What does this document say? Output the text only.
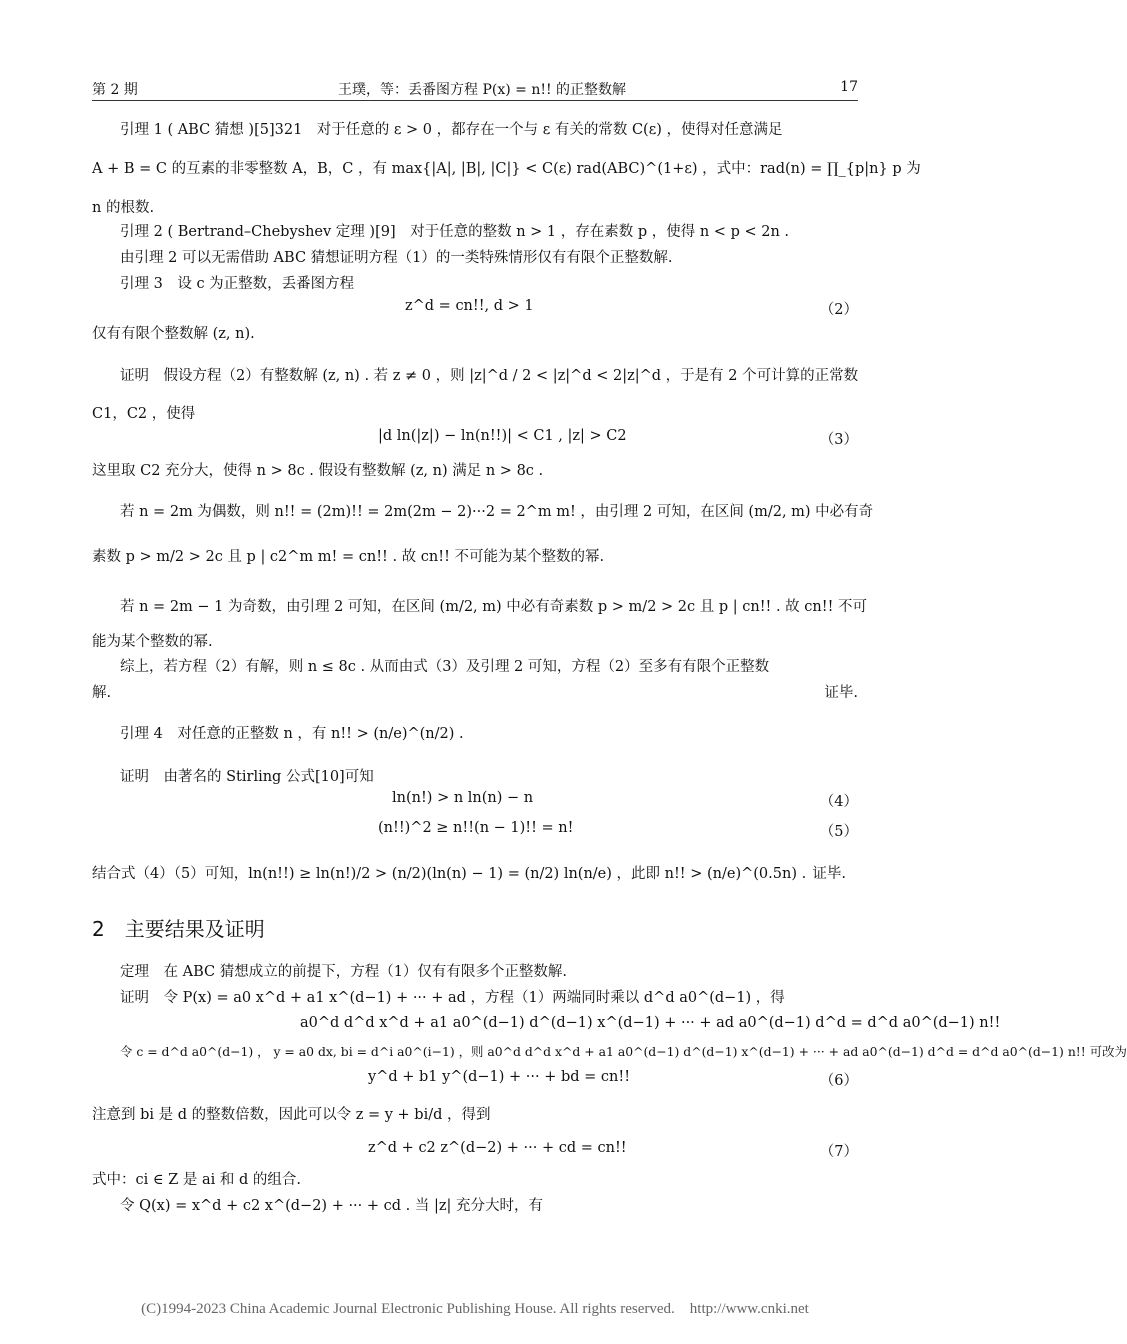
第 2 期	王璞，等：丢番图方程 P(x) = n!! 的正整数解	17
引理 1 ( ABC 猜想 )[5]321　对于任意的 ε > 0 ，都存在一个与 ε 有关的常数 C(ε) ，使得对任意满足
A + B = C 的互素的非零整数 A，B，C ，有 max{|A|, |B|, |C|} < C(ε) rad(ABC)^(1+ε) ，式中：rad(n) = ∏_{p|n} p 为
n 的根数.
引理 2 ( Bertrand–Chebyshev 定理 )[9]　对于任意的整数 n > 1 ，存在素数 p ，使得 n < p < 2n .
由引理 2 可以无需借助 ABC 猜想证明方程（1）的一类特殊情形仅有有限个正整数解.
引理 3　设 c 为正整数，丢番图方程
z^d = cn!!, d > 1	（2）
仅有有限个整数解 (z, n).
证明　假设方程（2）有整数解 (z, n) . 若 z ≠ 0 ，则 |z|^d / 2 < |z|^d < 2|z|^d ，于是有 2 个可计算的正常数
C1，C2 ，使得
|d ln(|z|) − ln(n!!)| < C1 , |z| > C2	（3）
这里取 C2 充分大，使得 n > 8c . 假设有整数解 (z, n) 满足 n > 8c .
若 n = 2m 为偶数，则 n!! = (2m)!! = 2m(2m − 2)···2 = 2^m m! ，由引理 2 可知，在区间 (m/2, m) 中必有奇
素数 p > m/2 > 2c 且 p | c2^m m! = cn!! . 故 cn!! 不可能为某个整数的幂.
若 n = 2m − 1 为奇数，由引理 2 可知，在区间 (m/2, m) 中必有奇素数 p > m/2 > 2c 且 p | cn!! . 故 cn!! 不可
能为某个整数的幂.
综上，若方程（2）有解，则 n ≤ 8c . 从而由式（3）及引理 2 可知，方程（2）至多有有限个正整数
解.	证毕.
引理 4　对任意的正整数 n ，有 n!! > (n/e)^(n/2) .
证明　由著名的 Stirling 公式[10]可知
ln(n!) > n ln(n) − n	（4）
(n!!)^2 ≥ n!!(n − 1)!! = n!	（5）
结合式（4）（5）可知，ln(n!!) ≥ ln(n!)/2 > (n/2)(ln(n) − 1) = (n/2) ln(n/e) ，此即 n!! > (n/e)^(0.5n) . 证毕.
2　主要结果及证明
定理　在 ABC 猜想成立的前提下，方程（1）仅有有限多个正整数解.
证明　令 P(x) = a0 x^d + a1 x^(d−1) + ··· + ad ，方程（1）两端同时乘以 d^d a0^(d−1) ，得
a0^d d^d x^d + a1 a0^(d−1) d^(d−1) x^(d−1) + ··· + ad a0^(d−1) d^d = d^d a0^(d−1) n!!
令 c = d^d a0^(d−1) ， y = a0 dx, bi = d^i a0^(i−1) ，则 a0^d d^d x^d + a1 a0^(d−1) d^(d−1) x^(d−1) + ··· + ad a0^(d−1) d^d = d^d a0^(d−1) n!! 可改为
y^d + b1 y^(d−1) + ··· + bd = cn!!	（6）
注意到 bi 是 d 的整数倍数，因此可以令 z = y + bi/d ，得到
z^d + c2 z^(d−2) + ··· + cd = cn!!	（7）
式中：ci ∈ Z 是 ai 和 d 的组合.
令 Q(x) = x^d + c2 x^(d−2) + ··· + cd . 当 |z| 充分大时，有
(C)1994-2023 China Academic Journal Electronic Publishing House. All rights reserved.　http://www.cnki.net
